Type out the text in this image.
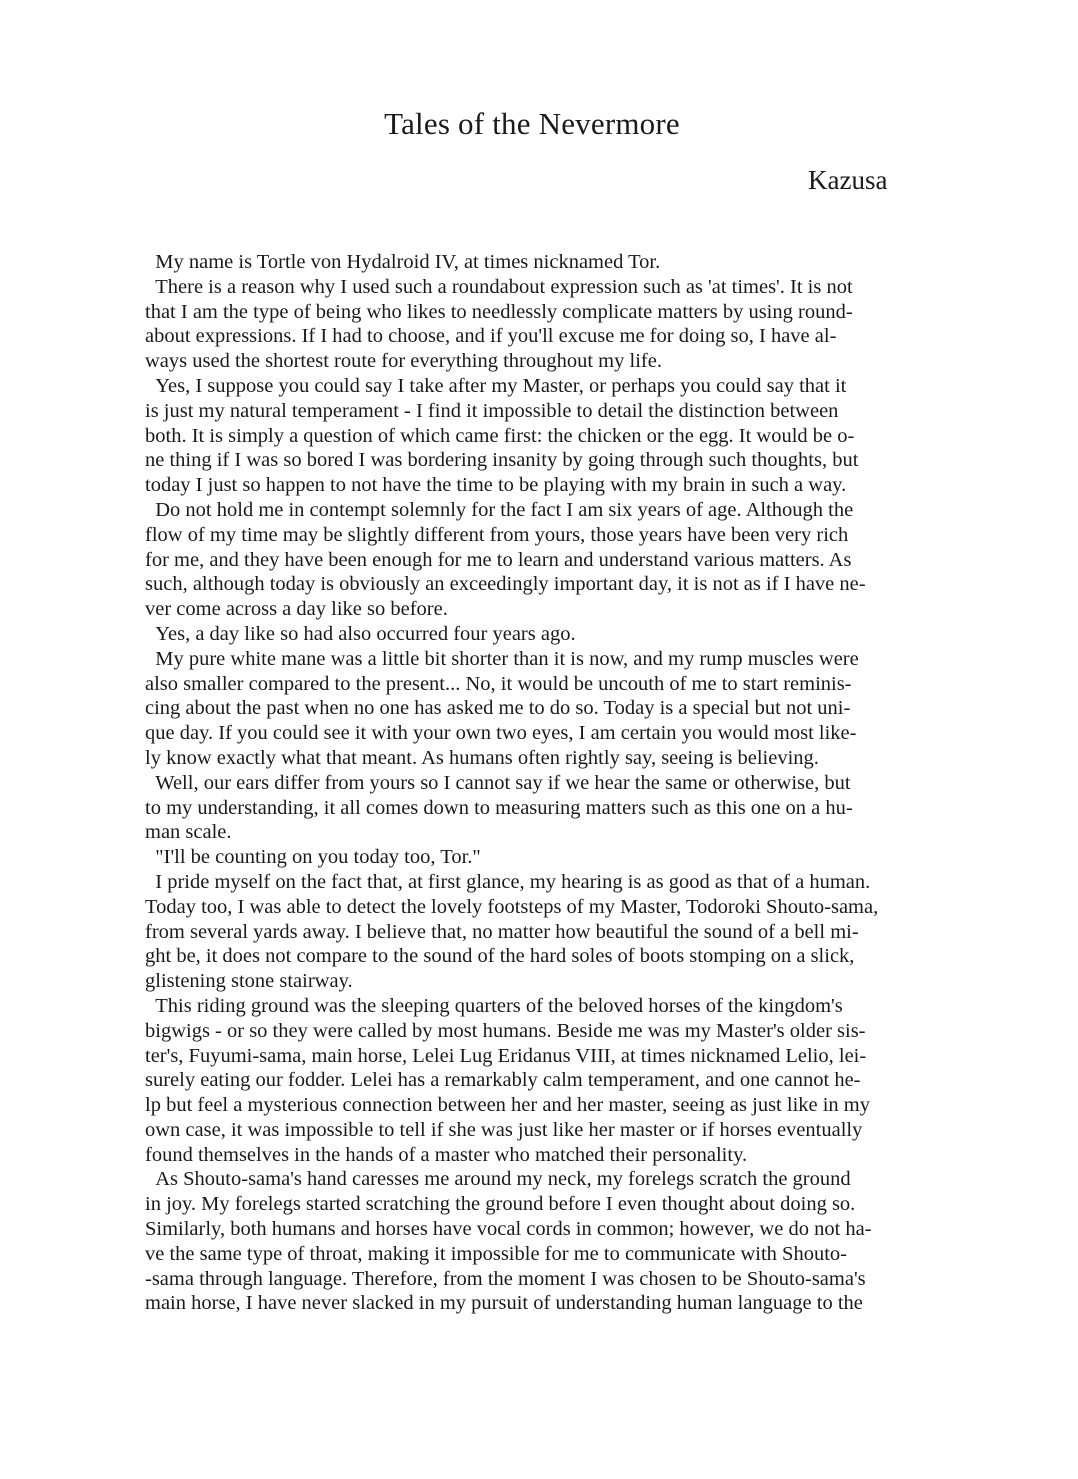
Tales of the Nevermore
Kazusa
My name is Tortle von Hydalroid IV, at times nicknamed Tor.
There is a reason why I used such a roundabout expression such as 'at times'. It is not
that I am the type of being who likes to needlessly complicate matters by using round-
about expressions. If I had to choose, and if you'll excuse me for doing so, I have al-
ways used the shortest route for everything throughout my life.
Yes, I suppose you could say I take after my Master, or perhaps you could say that it
is just my natural temperament - I find it impossible to detail the distinction between
both. It is simply a question of which came first: the chicken or the egg. It would be o-
ne thing if I was so bored I was bordering insanity by going through such thoughts, but
today I just so happen to not have the time to be playing with my brain in such a way.
Do not hold me in contempt solemnly for the fact I am six years of age. Although the
flow of my time may be slightly different from yours, those years have been very rich
for me, and they have been enough for me to learn and understand various matters. As
such, although today is obviously an exceedingly important day, it is not as if I have ne-
ver come across a day like so before.
Yes, a day like so had also occurred four years ago.
My pure white mane was a little bit shorter than it is now, and my rump muscles were
also smaller compared to the present... No, it would be uncouth of me to start reminis-
cing about the past when no one has asked me to do so. Today is a special but not uni-
que day. If you could see it with your own two eyes, I am certain you would most like-
ly know exactly what that meant. As humans often rightly say, seeing is believing.
Well, our ears differ from yours so I cannot say if we hear the same or otherwise, but
to my understanding, it all comes down to measuring matters such as this one on a hu-
man scale.
"I'll be counting on you today too, Tor."
I pride myself on the fact that, at first glance, my hearing is as good as that of a human.
Today too, I was able to detect the lovely footsteps of my Master, Todoroki Shouto-sama,
from several yards away. I believe that, no matter how beautiful the sound of a bell mi-
ght be, it does not compare to the sound of the hard soles of boots stomping on a slick,
glistening stone stairway.
This riding ground was the sleeping quarters of the beloved horses of the kingdom's
bigwigs - or so they were called by most humans. Beside me was my Master's older sis-
ter's, Fuyumi-sama, main horse, Lelei Lug Eridanus VIII, at times nicknamed Lelio, lei-
surely eating our fodder. Lelei has a remarkably calm temperament, and one cannot he-
lp but feel a mysterious connection between her and her master, seeing as just like in my
own case, it was impossible to tell if she was just like her master or if horses eventually
found themselves in the hands of a master who matched their personality.
As Shouto-sama's hand caresses me around my neck, my forelegs scratch the ground
in joy. My forelegs started scratching the ground before I even thought about doing so.
Similarly, both humans and horses have vocal cords in common; however, we do not ha-
ve the same type of throat, making it impossible for me to communicate with Shouto-
-sama through language. Therefore, from the moment I was chosen to be Shouto-sama's
main horse, I have never slacked in my pursuit of understanding human language to the
